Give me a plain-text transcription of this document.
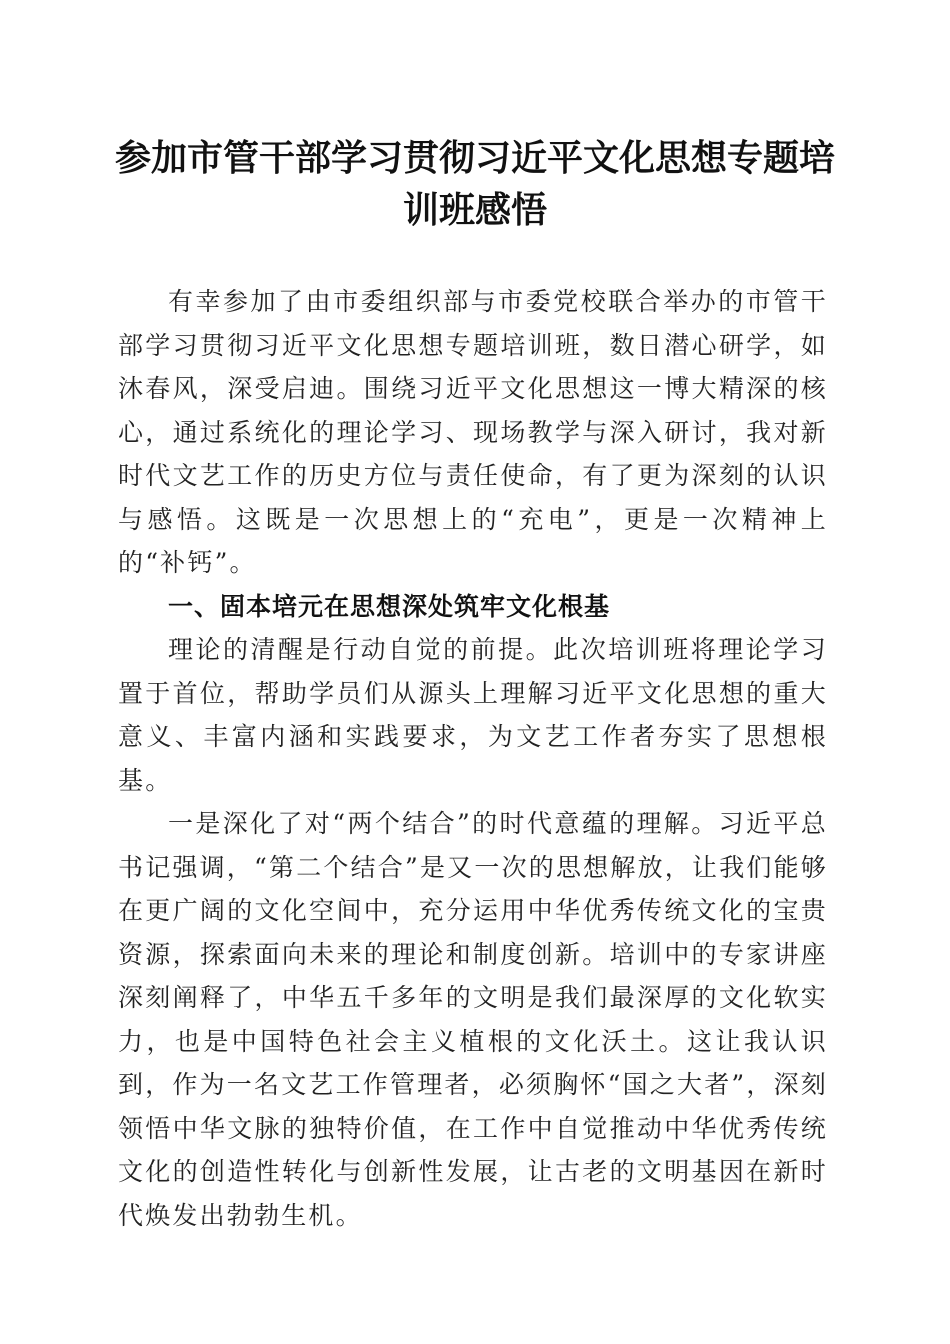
参加市管干部学习贯彻习近平文化思想专题培训班感悟

有幸参加了由市委组织部与市委党校联合举办的市管干部学习贯彻习近平文化思想专题培训班，数日潜心研学，如沐春风，深受启迪。围绕习近平文化思想这一博大精深的核心，通过系统化的理论学习、现场教学与深入研讨，我对新时代文艺工作的历史方位与责任使命，有了更为深刻的认识与感悟。这既是一次思想上的“充电”，更是一次精神上的“补钙”。

一、固本培元在思想深处筑牢文化根基

理论的清醒是行动自觉的前提。此次培训班将理论学习置于首位，帮助学员们从源头上理解习近平文化思想的重大意义、丰富内涵和实践要求，为文艺工作者夯实了思想根基。

一是深化了对“两个结合”的时代意蕴的理解。习近平总书记强调，“第二个结合”是又一次的思想解放，让我们能够在更广阔的文化空间中，充分运用中华优秀传统文化的宝贵资源，探索面向未来的理论和制度创新。培训中的专家讲座深刻阐释了，中华五千多年的文明是我们最深厚的文化软实力，也是中国特色社会主义植根的文化沃土。这让我认识到，作为一名文艺工作管理者，必须胸怀“国之大者”，深刻领悟中华文脉的独特价值，在工作中自觉推动中华优秀传统文化的创造性转化与创新性发展，让古老的文明基因在新时代焕发出勃勃生机。
